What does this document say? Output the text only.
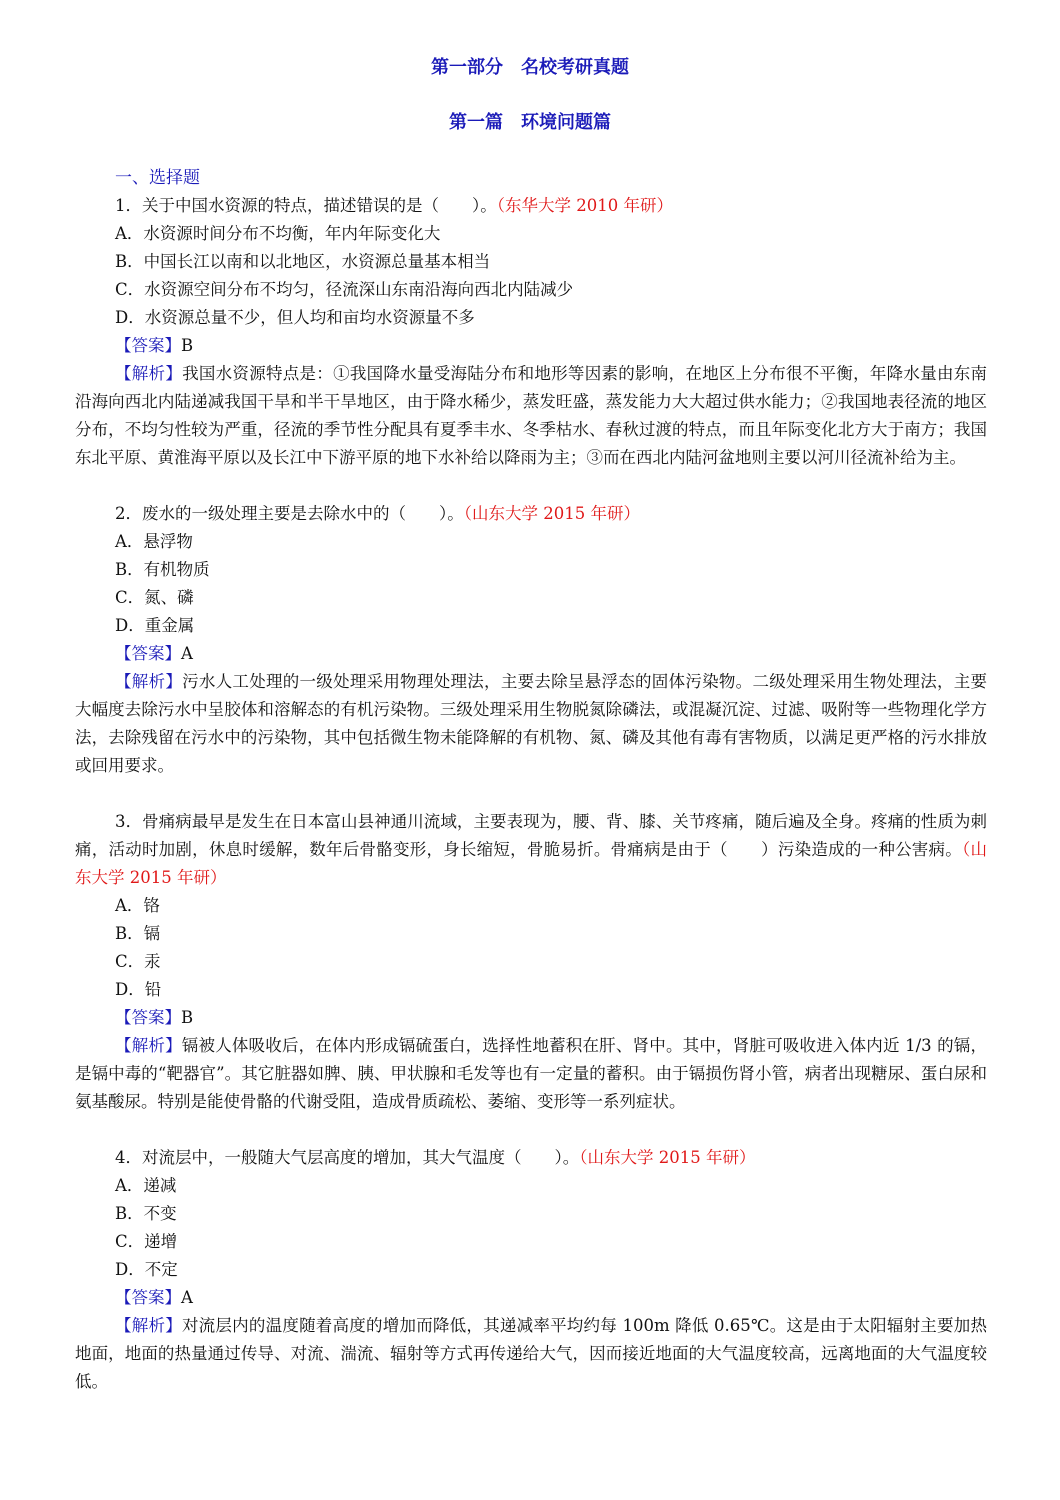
第一部分　名校考研真题
第一篇　环境问题篇
一、选择题

1．关于中国水资源的特点，描述错误的是（　　）。（东华大学 2010 年研）

A．水资源时间分布不均衡，年内年际变化大

B．中国长江以南和以北地区，水资源总量基本相当

C．水资源空间分布不均匀，径流深山东南沿海向西北内陆减少

D．水资源总量不少，但人均和亩均水资源量不多

【答案】B

【解析】我国水资源特点是：①我国降水量受海陆分布和地形等因素的影响，在地区上分布很不平衡，年降水量由东南沿海向西北内陆递减我国干旱和半干旱地区，由于降水稀少，蒸发旺盛，蒸发能力大大超过供水能力；②我国地表径流的地区分布，不均匀性较为严重，径流的季节性分配具有夏季丰水、冬季枯水、春秋过渡的特点，而且年际变化北方大于南方；我国东北平原、黄淮海平原以及长江中下游平原的地下水补给以降雨为主；③而在西北内陆河盆地则主要以河川径流补给为主。

2．废水的一级处理主要是去除水中的（　　）。（山东大学 2015 年研）

A．悬浮物

B．有机物质

C．氮、磷

D．重金属

【答案】A

【解析】污水人工处理的一级处理采用物理处理法，主要去除呈悬浮态的固体污染物。二级处理采用生物处理法，主要大幅度去除污水中呈胶体和溶解态的有机污染物。三级处理采用生物脱氮除磷法，或混凝沉淀、过滤、吸附等一些物理化学方法，去除残留在污水中的污染物，其中包括微生物未能降解的有机物、氮、磷及其他有毒有害物质，以满足更严格的污水排放或回用要求。

3．骨痛病最早是发生在日本富山县神通川流域，主要表现为，腰、背、膝、关节疼痛，随后遍及全身。疼痛的性质为刺痛，活动时加剧，休息时缓解，数年后骨骼变形，身长缩短，骨脆易折。骨痛病是由于（　　）污染造成的一种公害病。（山东大学 2015 年研）

A．铬

B．镉

C．汞

D．铅

【答案】B

【解析】镉被人体吸收后，在体内形成镉硫蛋白，选择性地蓄积在肝、肾中。其中，肾脏可吸收进入体内近 1/3 的镉，是镉中毒的“靶器官”。其它脏器如脾、胰、甲状腺和毛发等也有一定量的蓄积。由于镉损伤肾小管，病者出现糖尿、蛋白尿和氨基酸尿。特别是能使骨骼的代谢受阻，造成骨质疏松、萎缩、变形等一系列症状。

4．对流层中，一般随大气层高度的增加，其大气温度（　　）。（山东大学 2015 年研）

A．递减

B．不变

C．递增

D．不定

【答案】A

【解析】对流层内的温度随着高度的增加而降低，其递减率平均约每 100m 降低 0.65℃。这是由于太阳辐射主要加热地面，地面的热量通过传导、对流、湍流、辐射等方式再传递给大气，因而接近地面的大气温度较高，远离地面的大气温度较低。
